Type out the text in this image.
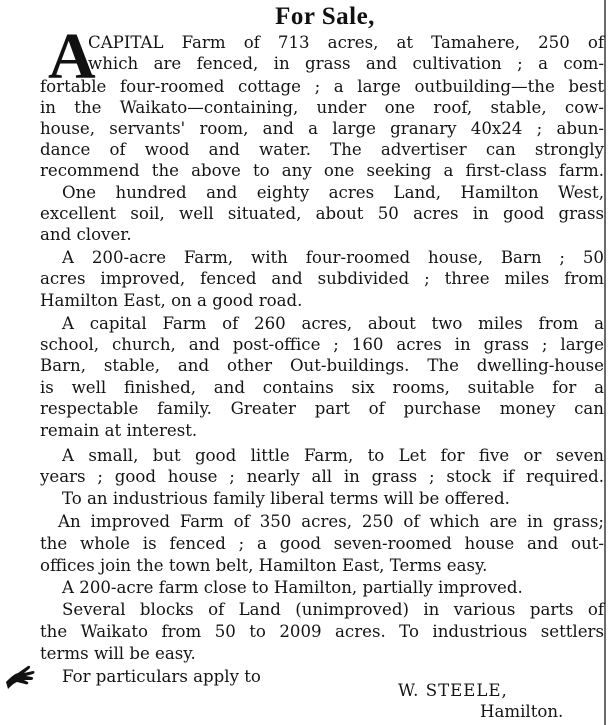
For Sale,
A
CAPITAL Farm of 713 acres, at Tamahere, 250 of
which are fenced, in grass and cultivation ; a com-
fortable four-roomed cottage ; a large outbuilding—the best
in the Waikato—containing, under one roof, stable, cow-
house, servants' room, and a large granary 40x24 ; abun-
dance of wood and water. The advertiser can strongly
recommend the above to any one seeking a first-class farm.
One hundred and eighty acres Land, Hamilton West,
excellent soil, well situated, about 50 acres in good grass
and clover.
A 200-acre Farm, with four-roomed house, Barn ; 50
acres improved, fenced and subdivided ; three miles from
Hamilton East, on a good road.
A capital Farm of 260 acres, about two miles from a
school, church, and post-office ; 160 acres in grass ; large
Barn, stable, and other Out-buildings. The dwelling-house
is well finished, and contains six rooms, suitable for a
respectable family. Greater part of purchase money can
remain at interest.
A small, but good little Farm, to Let for five or seven
years ; good house ; nearly all in grass ; stock if required.
To an industrious family liberal terms will be offered.
An improved Farm of 350 acres, 250 of which are in grass;
the whole is fenced ; a good seven-roomed house and out-
offices join the town belt, Hamilton East, Terms easy.
A 200-acre farm close to Hamilton, partially improved.
Several blocks of Land (unimproved) in various parts of
the Waikato from 50 to 2009 acres. To industrious settlers
terms will be easy.
For particulars apply to
W. STEELE,
Hamilton.
